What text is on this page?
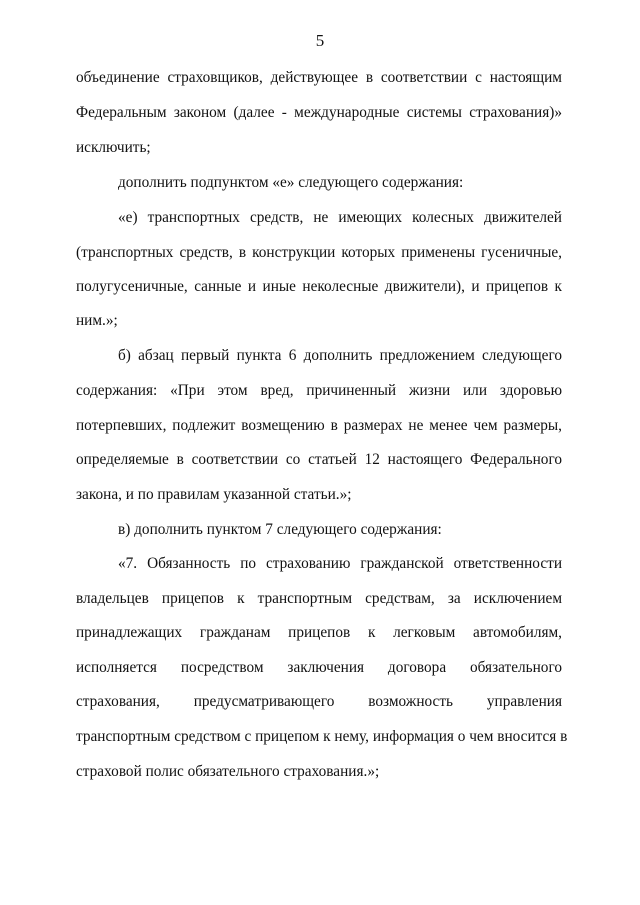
5
объединение страховщиков, действующее в соответствии с настоящим
Федеральным законом (далее - международные системы страхования)»
исключить;
дополнить подпунктом «е» следующего содержания:
«е) транспортных средств, не имеющих колесных движителей
(транспортных средств, в конструкции которых применены гусеничные,
полугусеничные, санные и иные неколесные движители), и прицепов к
ним.»;
б) абзац первый пункта 6 дополнить предложением следующего
содержания: «При этом вред, причиненный жизни или здоровью
потерпевших, подлежит возмещению в размерах не менее чем размеры,
определяемые в соответствии со статьей 12 настоящего Федерального
закона, и по правилам указанной статьи.»;
в) дополнить пунктом 7 следующего содержания:
«7. Обязанность по страхованию гражданской ответственности
владельцев прицепов к транспортным средствам, за исключением
принадлежащих гражданам прицепов к легковым автомобилям,
исполняется посредством заключения договора обязательного
страхования, предусматривающего возможность управления
транспортным средством с прицепом к нему, информация о чем вносится в
страховой полис обязательного страхования.»;
